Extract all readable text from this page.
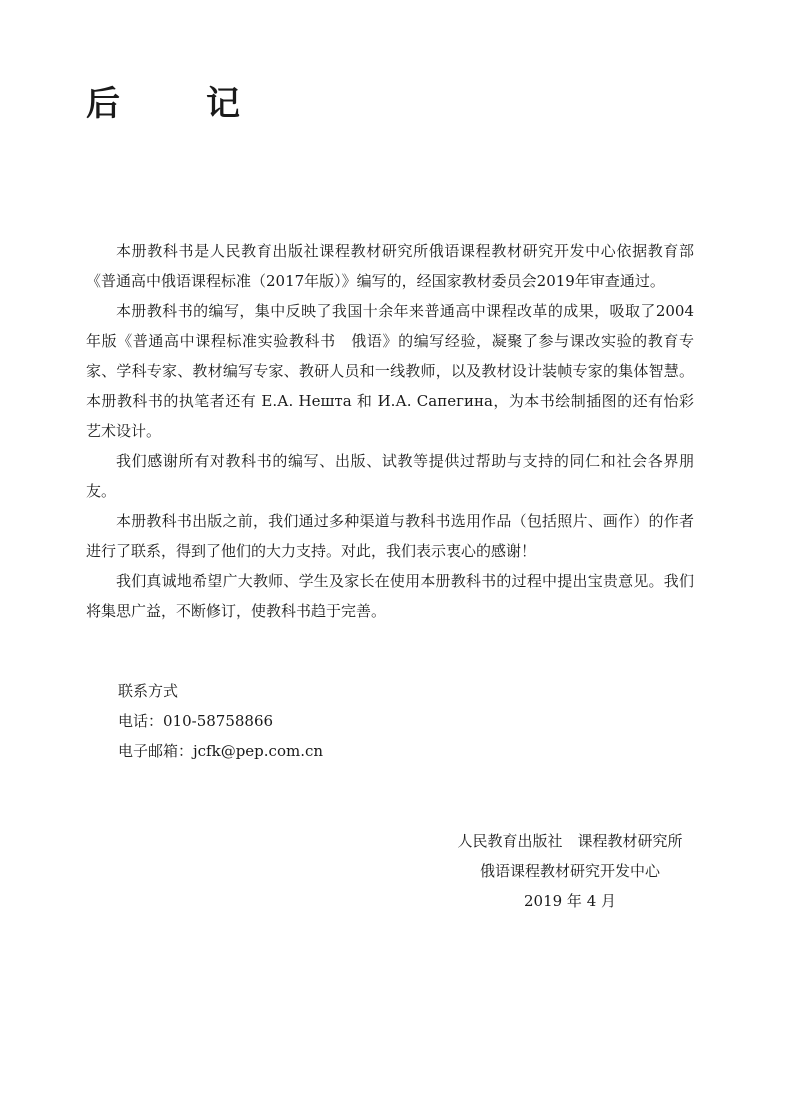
后　记

本册教科书是人民教育出版社课程教材研究所俄语课程教材研究开发中心依据教育部《普通高中俄语课程标准（2017年版）》编写的，经国家教材委员会2019年审查通过。

本册教科书的编写，集中反映了我国十余年来普通高中课程改革的成果，吸取了2004年版《普通高中课程标准实验教科书　俄语》的编写经验，凝聚了参与课改实验的教育专家、学科专家、教材编写专家、教研人员和一线教师，以及教材设计装帧专家的集体智慧。本册教科书的执笔者还有 Е.А. Нешта 和 И.А. Сапегина，为本书绘制插图的还有怡彩艺术设计。

我们感谢所有对教科书的编写、出版、试教等提供过帮助与支持的同仁和社会各界朋友。

本册教科书出版之前，我们通过多种渠道与教科书选用作品（包括照片、画作）的作者进行了联系，得到了他们的大力支持。对此，我们表示衷心的感谢！

我们真诚地希望广大教师、学生及家长在使用本册教科书的过程中提出宝贵意见。我们将集思广益，不断修订，使教科书趋于完善。

联系方式

电话：010-58758866

电子邮箱：jcfk@pep.com.cn

人民教育出版社　课程教材研究所

俄语课程教材研究开发中心

2019 年 4 月
